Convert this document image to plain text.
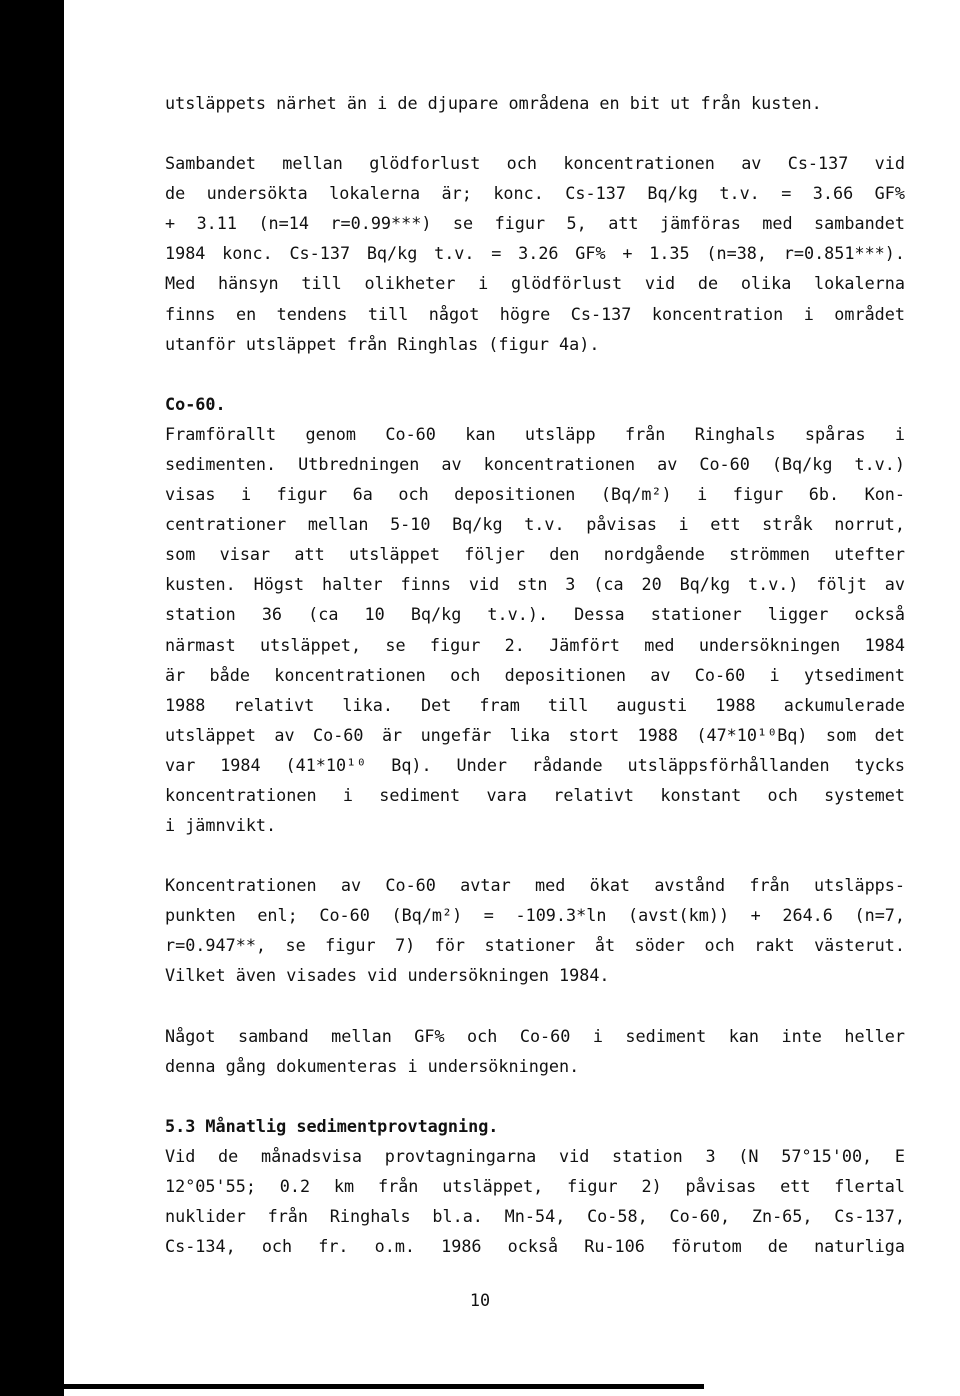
utsläppets närhet än i de djupare områdena en bit ut från kusten.
Sambandet mellan glödforlust och koncentrationen av Cs-137 vid
de undersökta lokalerna är; konc. Cs-137 Bq/kg t.v. = 3.66 GF%
+ 3.11 (n=14 r=0.99***) se figur 5, att jämföras med sambandet
1984 konc. Cs-137 Bq/kg t.v. = 3.26 GF% + 1.35 (n=38, r=0.851***).
Med hänsyn till olikheter i glödförlust vid de olika lokalerna
finns en tendens till något högre Cs-137 koncentration i området
utanför utsläppet från Ringhlas (figur 4a).
Co-60.
Framförallt genom Co-60 kan utsläpp från Ringhals spåras i
sedimenten. Utbredningen av koncentrationen av Co-60 (Bq/kg t.v.)
visas i figur 6a och depositionen (Bq/m²) i figur 6b. Kon-
centrationer mellan 5-10 Bq/kg t.v. påvisas i ett stråk norrut,
som visar att utsläppet följer den nordgående strömmen utefter
kusten. Högst halter finns vid stn 3 (ca 20 Bq/kg t.v.) följt av
station 36 (ca 10 Bq/kg t.v.). Dessa stationer ligger också
närmast utsläppet, se figur 2. Jämfört med undersökningen 1984
är både koncentrationen och depositionen av Co-60 i ytsediment
1988 relativt lika. Det fram till augusti 1988 ackumulerade
utsläppet av Co-60 är ungefär lika stort 1988 (47*10¹⁰Bq) som det
var 1984 (41*10¹⁰ Bq). Under rådande utsläppsförhållanden tycks
koncentrationen i sediment vara relativt konstant och systemet
i jämnvikt.
Koncentrationen av Co-60 avtar med ökat avstånd från utsläpps-
punkten enl; Co-60 (Bq/m²) = -109.3*ln (avst(km)) + 264.6 (n=7,
r=0.947**, se figur 7) för stationer åt söder och rakt västerut.
Vilket även visades vid undersökningen 1984.
Något samband mellan GF% och Co-60 i sediment kan inte heller
denna gång dokumenteras i undersökningen.
5.3 Månatlig sedimentprovtagning.
Vid de månadsvisa provtagningarna vid station 3 (N 57°15'00, E
12°05'55; 0.2 km från utsläppet, figur 2) påvisas ett flertal
nuklider från Ringhals bl.a. Mn-54, Co-58, Co-60, Zn-65, Cs-137,
Cs-134, och fr. o.m. 1986 också Ru-106 förutom de naturliga
10
